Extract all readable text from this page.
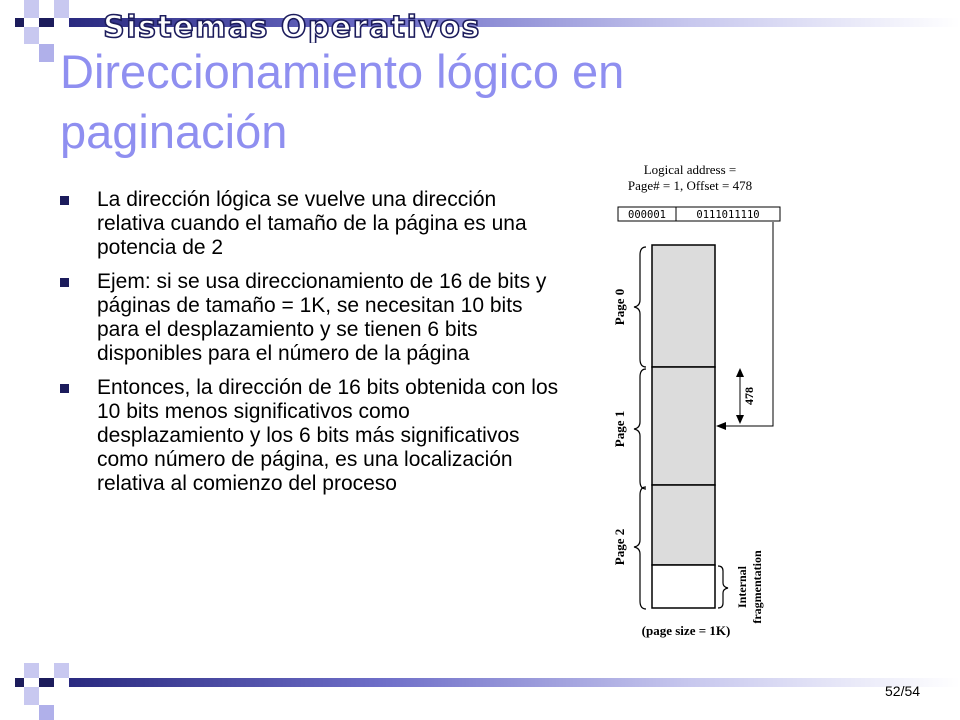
Sistemas Operativos
Direccionamiento lógico en paginación
La dirección lógica se vuelve una dirección relativa cuando el tamaño de la página es una potencia de 2
Ejem: si se usa direccionamiento de 16 de bits y páginas de tamaño = 1K, se necesitan 10 bits para el desplazamiento y se tienen 6 bits disponibles para el número de la página
Entonces, la dirección de 16 bits obtenida con los 10 bits menos significativos como desplazamiento y los 6 bits más significativos como número de página, es una localización relativa al comienzo del proceso
Logical address =
Page# = 1, Offset = 478
000001	0111011110
Page 0
Page 1
Page 2
478
Internal fragmentation
(page size = 1K)
52/54
